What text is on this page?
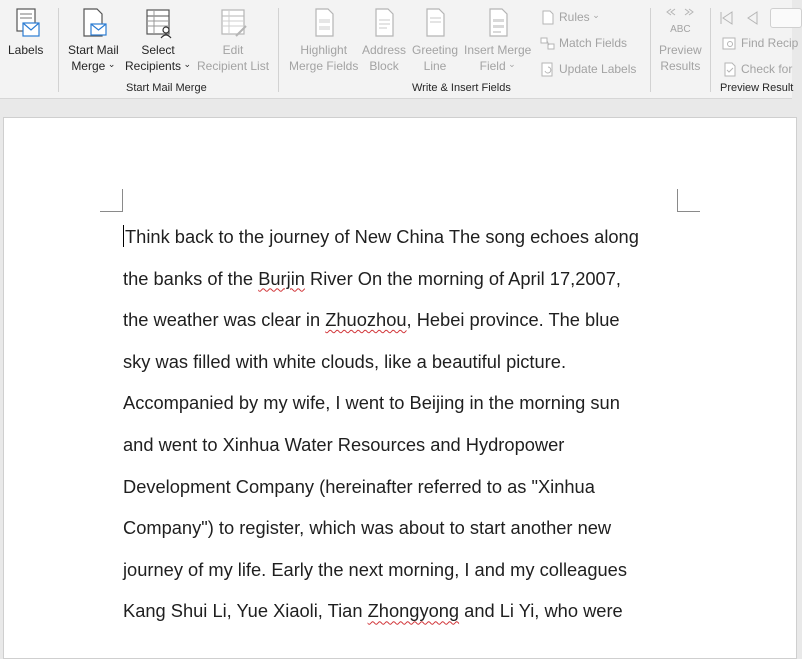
Labels Start Mail
Merge ⌄
Select
Recipients ⌄
Edit
Recipient List
Start Mail Merge
Highlight
Merge Fields
Address
Block
Greeting
Line
Insert Merge
Field ⌄
Rules ⌄
Match Fields
Update Labels
Write & Insert Fields
ABC
Preview
Results
Find Recip
Check for
Preview Result

Think back to the journey of New China The song echoes along

the banks of the Burjin River On the morning of April 17,2007,

the weather was clear in Zhuozhou, Hebei province. The blue

sky was filled with white clouds, like a beautiful picture.

Accompanied by my wife, I went to Beijing in the morning sun

and went to Xinhua Water Resources and Hydropower

Development Company (hereinafter referred to as "Xinhua

Company") to register, which was about to start another new

journey of my life. Early the next morning, I and my colleagues

Kang Shui Li, Yue Xiaoli, Tian Zhongyong and Li Yi, who were
